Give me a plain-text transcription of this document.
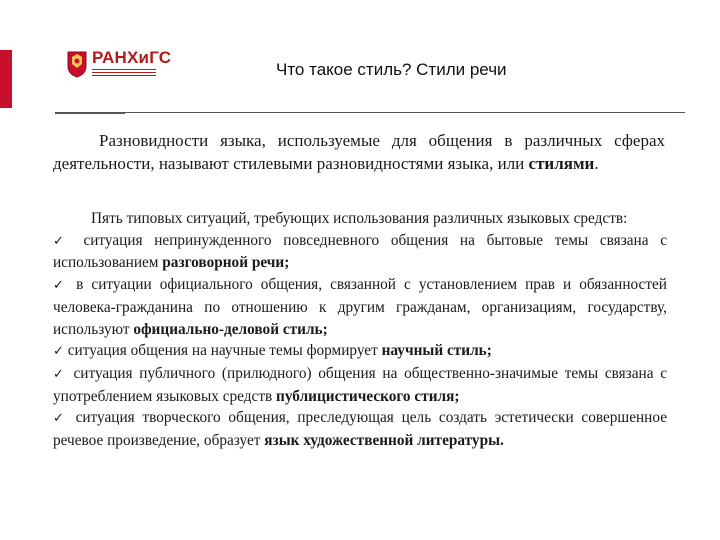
РАНХиГС
Что такое стиль? Стили речи

Разновидности языка, используемые для общения в различных сферах деятельности, называют стилевыми разновидностями языка, или стилями.

Пять типовых ситуаций, требующих использования различных языковых средств:

✓ ситуация непринужденного повседневного общения на бытовые темы связана с использованием разговорной речи;

✓ в ситуации официального общения, связанной с установлением прав и обязанностей человека-гражданина по отношению к другим гражданам, организациям, государству, используют официально-деловой стиль;

✓ ситуация общения на научные темы формирует научный стиль;

✓ ситуация публичного (прилюдного) общения на общественно-значимые темы связана с употреблением языковых средств публицистического стиля;

✓ ситуация творческого общения, преследующая цель создать эстетически совершенное речевое произведение, образует язык художественной литературы.
